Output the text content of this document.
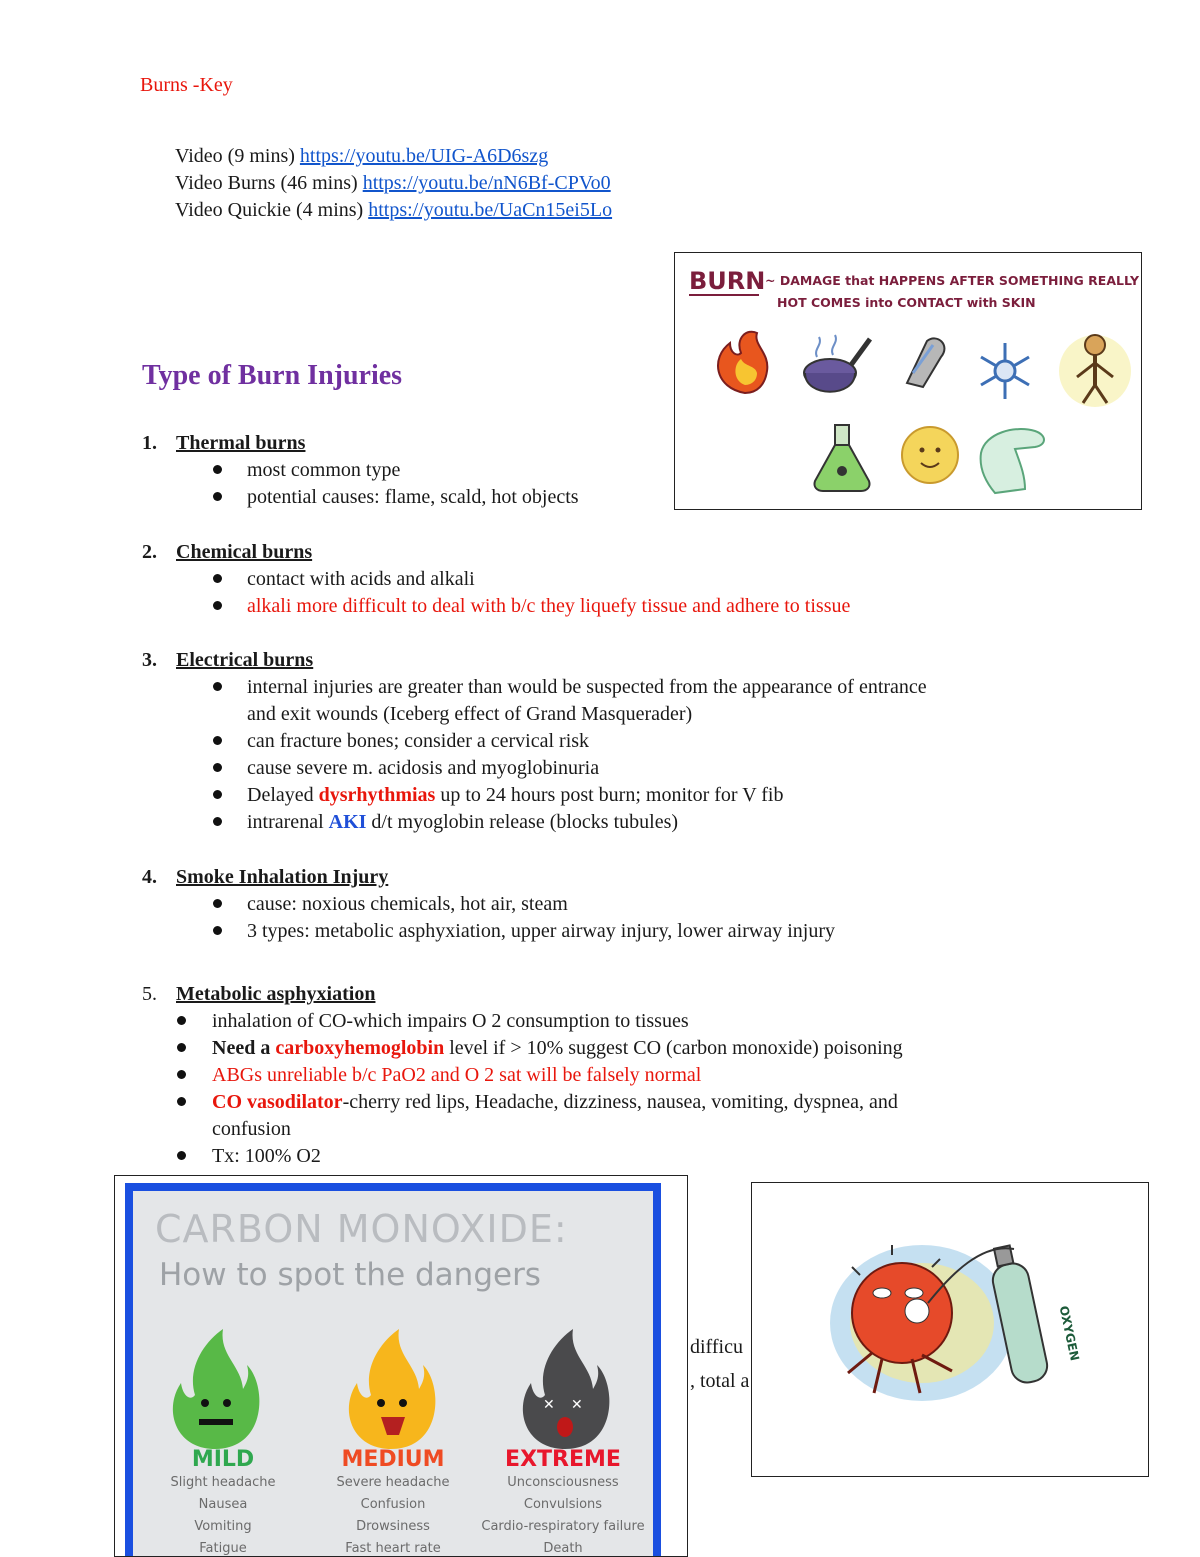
Burns -Key
Video (9 mins) https://youtu.be/UIG-A6D6szg
Video Burns (46 mins) https://youtu.be/nN6Bf-CPVo0
Video Quickie (4 mins) https://youtu.be/UaCn15ei5Lo
Type of Burn Injuries
BURN ~ DAMAGE that HAPPENS AFTER SOMETHING REALLY
HOT COMES into CONTACT with SKIN
1. Thermal burns
most common type
potential causes: flame, scald, hot objects
2. Chemical burns
contact with acids and alkali
alkali more difficult to deal with b/c they liquefy tissue and adhere to tissue
3. Electrical burns
internal injuries are greater than would be suspected from the appearance of entrance
and exit wounds (Iceberg effect of Grand Masquerader)
can fracture bones; consider a cervical risk
cause severe m. acidosis and myoglobinuria
Delayed dysrhythmias up to 24 hours post burn; monitor for V fib
intrarenal AKI d/t myoglobin release (blocks tubules)
4. Smoke Inhalation Injury
cause: noxious chemicals, hot air, steam
3 types: metabolic asphyxiation, upper airway injury, lower airway injury
5. Metabolic asphyxiation
inhalation of CO-which impairs O 2 consumption to tissues
Need a carboxyhemoglobin level if > 10% suggest CO (carbon monoxide) poisoning
ABGs unreliable b/c PaO2 and O 2 sat will be falsely normal
CO vasodilator-cherry red lips, Headache, dizziness, nausea, vomiting, dyspnea, and
confusion
Tx: 100% O2
difficu
, total a
CARBON MONOXIDE:
How to spot the dangers
✕ ✕
MILD
Slight headache
Nausea
Vomiting
Fatigue
MEDIUM
Severe headache
Confusion
Drowsiness
Fast heart rate
EXTREME
Unconsciousness
Convulsions
Cardio-respiratory failure
Death
OXYGEN
